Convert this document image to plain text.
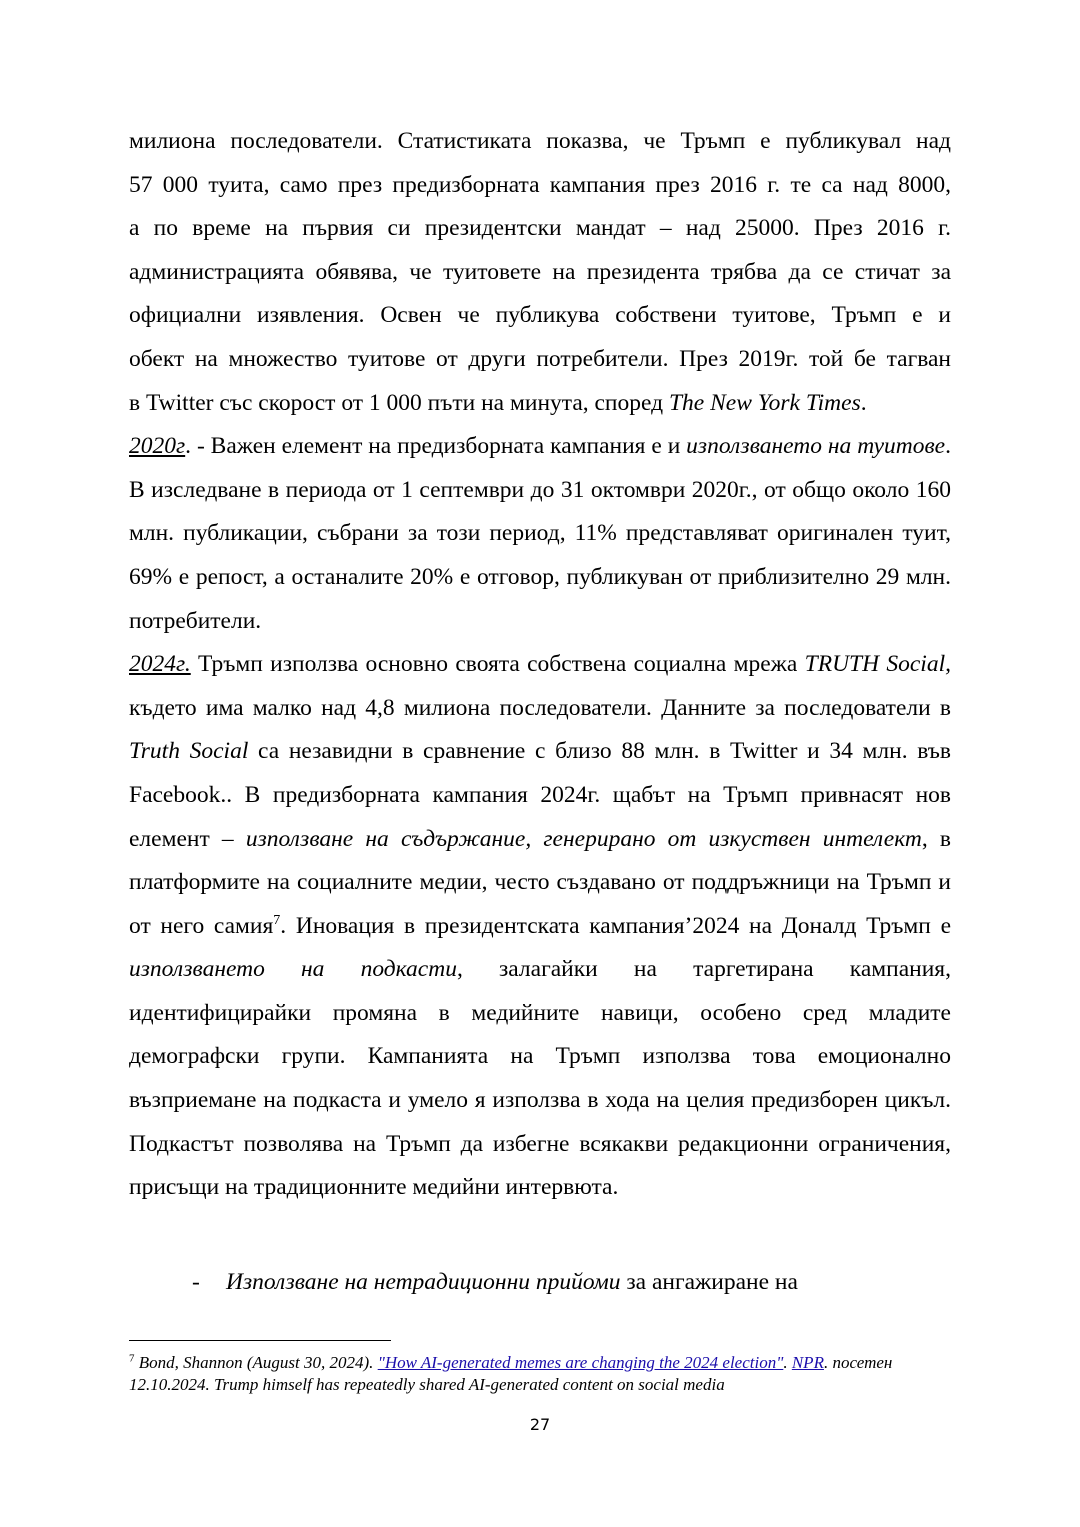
милиона последователи. Статистиката показва, че Тръмп е публикувал над
57 000 туита, само през предизборната кампания през 2016 г. те са над 8000,
а по време на първия си президентски мандат – над 25000. През 2016 г.
администрацията обявява, че туитовете на президента трябва да се стичат за
официални изявления. Освен че публикува собствени туитове, Тръмп е и
обект на множество туитове от други потребители. През 2019г. той бе тагван
в Twitter със скорост от 1 000 пъти на минута, според The New York Times.

2020г. - Важен елемент на предизборната кампания е и използването на туитове. В изследване в периода от 1 септември до 31 октомври 2020г., от общо около 160 млн. публикации, събрани за този период, 11% представляват оригинален туит, 69% е репост, а останалите 20% е отговор, публикуван от приблизително 29 млн. потребители.

2024г. Тръмп използва основно своята собствена социална мрежа TRUTH Social, където има малко над 4,8 милиона последователи. Данните за последователи в Truth Social са незавидни в сравнение с близо 88 млн. в Twitter и 34 млн. във Facebook.. В предизборната кампания 2024г. щабът на Тръмп привнасят нов елемент – използване на съдържание, генерирано от изкуствен интелект, в платформите на социалните медии, често създавано от поддръжници на Тръмп и от него самия$^7$. Иновация в президентската кампания’2024 на Доналд Тръмп е използването на подкасти, залагайки на таргетирана кампания, идентифицирайки промяна в медийните навици, особено сред младите демографски групи. Кампанията на Тръмп използва това емоционално възприемане на подкаста и умело я използва в хода на целия предизборен цикъл. Подкастът позволява на Тръмп да избегне всякакви редакционни ограничения, присъщи на традиционните медийни интервюта.

- Използване на нетрадиционни прийоми за ангажиране на
$^7$ Bond, Shannon (August 30, 2024). "How AI-generated memes are changing the 2024 election". NPR. посетен 12.10.2024. Trump himself has repeatedly shared AI-generated content on social media
27
